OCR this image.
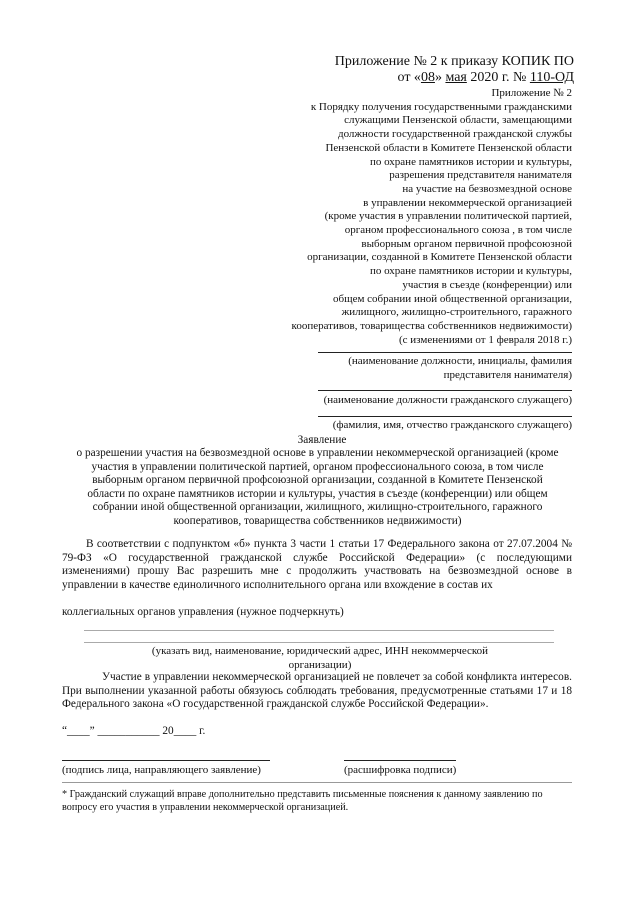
Приложение № 2 к приказу КОПИК ПО
от «08» мая 2020 г. № 110-ОД
Приложение № 2
к Порядку получения государственными гражданскими
служащими Пензенской области, замещающими
должности государственной гражданской службы
Пензенской области в Комитете Пензенской области
по охране памятников истории и культуры,
разрешения представителя нанимателя
на участие на безвозмездной основе
в управлении некоммерческой организацией
(кроме участия в управлении политической партией,
органом профессионального союза , в том числе
выборным органом первичной профсоюзной
организации, созданной в Комитете Пензенской области
по охране памятников истории и культуры,
участия в съезде (конференции) или
общем собрании иной общественной организации,
жилищного, жилищно-строительного, гаражного
кооперативов, товарищества собственников недвижимости)
(с изменениями от 1 февраля 2018 г.)
(наименование должности, инициалы, фамилия
представителя нанимателя)
(наименование должности гражданского служащего)
(фамилия, имя, отчество гражданского служащего)
Заявление
о разрешении участия на безвозмездной основе в управлении некоммерческой организацией (кроме
участия в управлении политической партией, органом профессионального союза, в том числе
выборным органом первичной профсоюзной организации, созданной в Комитете Пензенской
области по охране памятников истории и культуры, участия в съезде (конференции) или общем
собрании иной общественной организации, жилищного, жилищно-строительного, гаражного
кооперативов, товарищества собственников недвижимости)
В соответствии с подпунктом «б» пункта 3 части 1 статьи 17 Федерального закона от 27.07.2004 № 79-ФЗ «О государственной гражданской службе Российской Федерации» (с последующими изменениями) прошу Вас разрешить мне с продолжить участвовать на безвозмездной основе в управлении в качестве единоличного исполнительного органа или вхождение в состав их
коллегиальных органов управления (нужное подчеркнуть)
(указать вид, наименование, юридический адрес, ИНН некоммерческой
организации)
Участие в управлении некоммерческой организацией не повлечет за собой конфликта интересов. При выполнении указанной работы обязуюсь соблюдать требования, предусмотренные статьями 17 и 18 Федерального закона «О государственной гражданской службе Российской Федерации».
“____” ___________ 20____ г.
(подпись лица, направляющего заявление)	(расшифровка подписи)
* Гражданский служащий вправе дополнительно представить письменные пояснения к данному заявлению по
вопросу его участия в управлении некоммерческой организацией.
